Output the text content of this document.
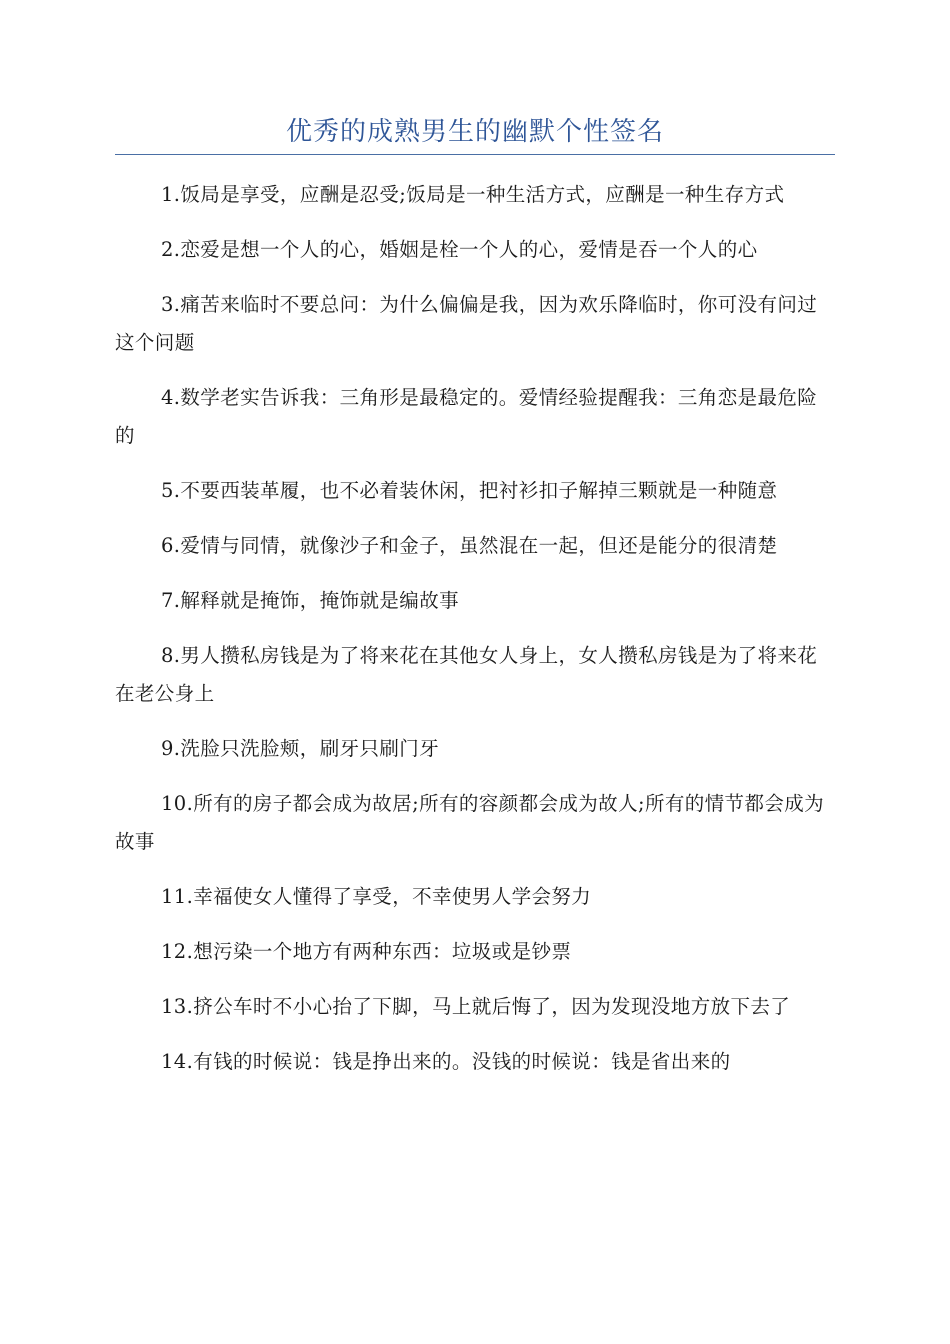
优秀的成熟男生的幽默个性签名

1.饭局是享受，应酬是忍受;饭局是一种生活方式，应酬是一种生存方式

2.恋爱是想一个人的心，婚姻是栓一个人的心，爱情是吞一个人的心

3.痛苦来临时不要总问：为什么偏偏是我，因为欢乐降临时，你可没有问过这个问题

4.数学老实告诉我：三角形是最稳定的。爱情经验提醒我：三角恋是最危险的

5.不要西装革履，也不必着装休闲，把衬衫扣子解掉三颗就是一种随意

6.爱情与同情，就像沙子和金子，虽然混在一起，但还是能分的很清楚

7.解释就是掩饰，掩饰就是编故事

8.男人攒私房钱是为了将来花在其他女人身上，女人攒私房钱是为了将来花在老公身上

9.洗脸只洗脸颊，刷牙只刷门牙

10.所有的房子都会成为故居;所有的容颜都会成为故人;所有的情节都会成为故事

11.幸福使女人懂得了享受，不幸使男人学会努力

12.想污染一个地方有两种东西：垃圾或是钞票

13.挤公车时不小心抬了下脚，马上就后悔了，因为发现没地方放下去了

14.有钱的时候说：钱是挣出来的。没钱的时候说：钱是省出来的
